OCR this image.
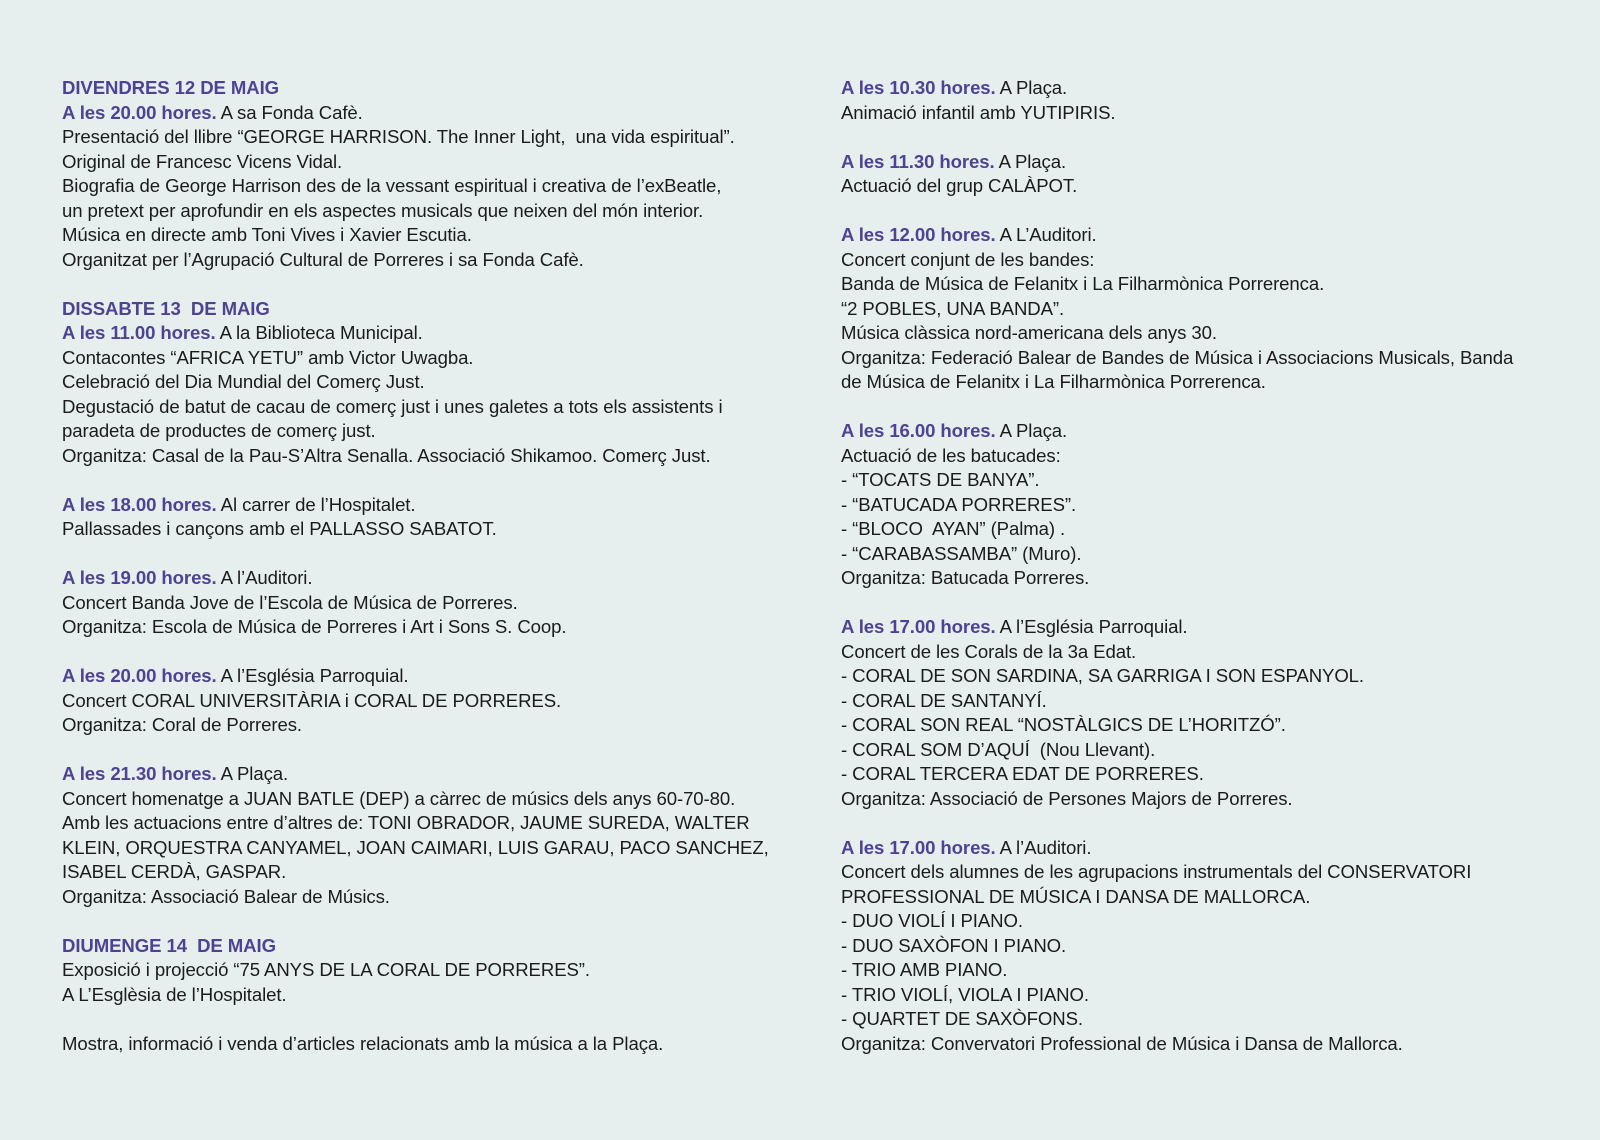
DIVENDRES 12 DE MAIG
A les 20.00 hores. A sa Fonda Cafè.
Presentació del llibre “GEORGE HARRISON. The Inner Light,  una vida espiritual”.
Original de Francesc Vicens Vidal.
Biografia de George Harrison des de la vessant espiritual i creativa de l’exBeatle,
un pretext per aprofundir en els aspectes musicals que neixen del món interior.
Música en directe amb Toni Vives i Xavier Escutia.
Organitzat per l’Agrupació Cultural de Porreres i sa Fonda Cafè.
DISSABTE 13  DE MAIG
A les 11.00 hores. A la Biblioteca Municipal.
Contacontes “AFRICA YETU” amb Victor Uwagba.
Celebració del Dia Mundial del Comerç Just.
Degustació de batut de cacau de comerç just i unes galetes a tots els assistents i
paradeta de productes de comerç just.
Organitza: Casal de la Pau-S’Altra Senalla. Associació Shikamoo. Comerç Just.
A les 18.00 hores. Al carrer de l’Hospitalet.
Pallassades i cançons amb el PALLASSO SABATOT.
A les 19.00 hores. A l’Auditori.
Concert Banda Jove de l’Escola de Música de Porreres.
Organitza: Escola de Música de Porreres i Art i Sons S. Coop.
A les 20.00 hores. A l’Església Parroquial.
Concert CORAL UNIVERSITÀRIA i CORAL DE PORRERES.
Organitza: Coral de Porreres.
A les 21.30 hores. A Plaça.
Concert homenatge a JUAN BATLE (DEP) a càrrec de músics dels anys 60-70-80.
Amb les actuacions entre d’altres de: TONI OBRADOR, JAUME SUREDA, WALTER
KLEIN, ORQUESTRA CANYAMEL, JOAN CAIMARI, LUIS GARAU, PACO SANCHEZ,
ISABEL CERDÀ, GASPAR.
Organitza: Associació Balear de Músics.
DIUMENGE 14  DE MAIG
Exposició i projecció “75 ANYS DE LA CORAL DE PORRERES”.
A L’Esglèsia de l’Hospitalet.
Mostra, informació i venda d’articles relacionats amb la música a la Plaça.
A les 10.30 hores. A Plaça.
Animació infantil amb YUTIPIRIS.
A les 11.30 hores. A Plaça.
Actuació del grup CALÀPOT.
A les 12.00 hores. A L’Auditori.
Concert conjunt de les bandes:
Banda de Música de Felanitx i La Filharmònica Porrerenca.
“2 POBLES, UNA BANDA”.
Música clàssica nord-americana dels anys 30.
Organitza: Federació Balear de Bandes de Música i Associacions Musicals, Banda
de Música de Felanitx i La Filharmònica Porrerenca.
A les 16.00 hores. A Plaça.
Actuació de les batucades:
- “TOCATS DE BANYA”.
- “BATUCADA PORRERES”.
- “BLOCO  AYAN” (Palma) .
- “CARABASSAMBA” (Muro).
Organitza: Batucada Porreres.
A les 17.00 hores. A l’Església Parroquial.
Concert de les Corals de la 3a Edat.
- CORAL DE SON SARDINA, SA GARRIGA I SON ESPANYOL.
- CORAL DE SANTANYÍ.
- CORAL SON REAL “NOSTÀLGICS DE L’HORITZÓ”.
- CORAL SOM D’AQUÍ  (Nou Llevant).
- CORAL TERCERA EDAT DE PORRERES.
Organitza: Associació de Persones Majors de Porreres.
A les 17.00 hores. A l’Auditori.
Concert dels alumnes de les agrupacions instrumentals del CONSERVATORI
PROFESSIONAL DE MÚSICA I DANSA DE MALLORCA.
- DUO VIOLÍ I PIANO.
- DUO SAXÒFON I PIANO.
- TRIO AMB PIANO.
- TRIO VIOLÍ, VIOLA I PIANO.
- QUARTET DE SAXÒFONS.
Organitza: Convervatori Professional de Música i Dansa de Mallorca.
